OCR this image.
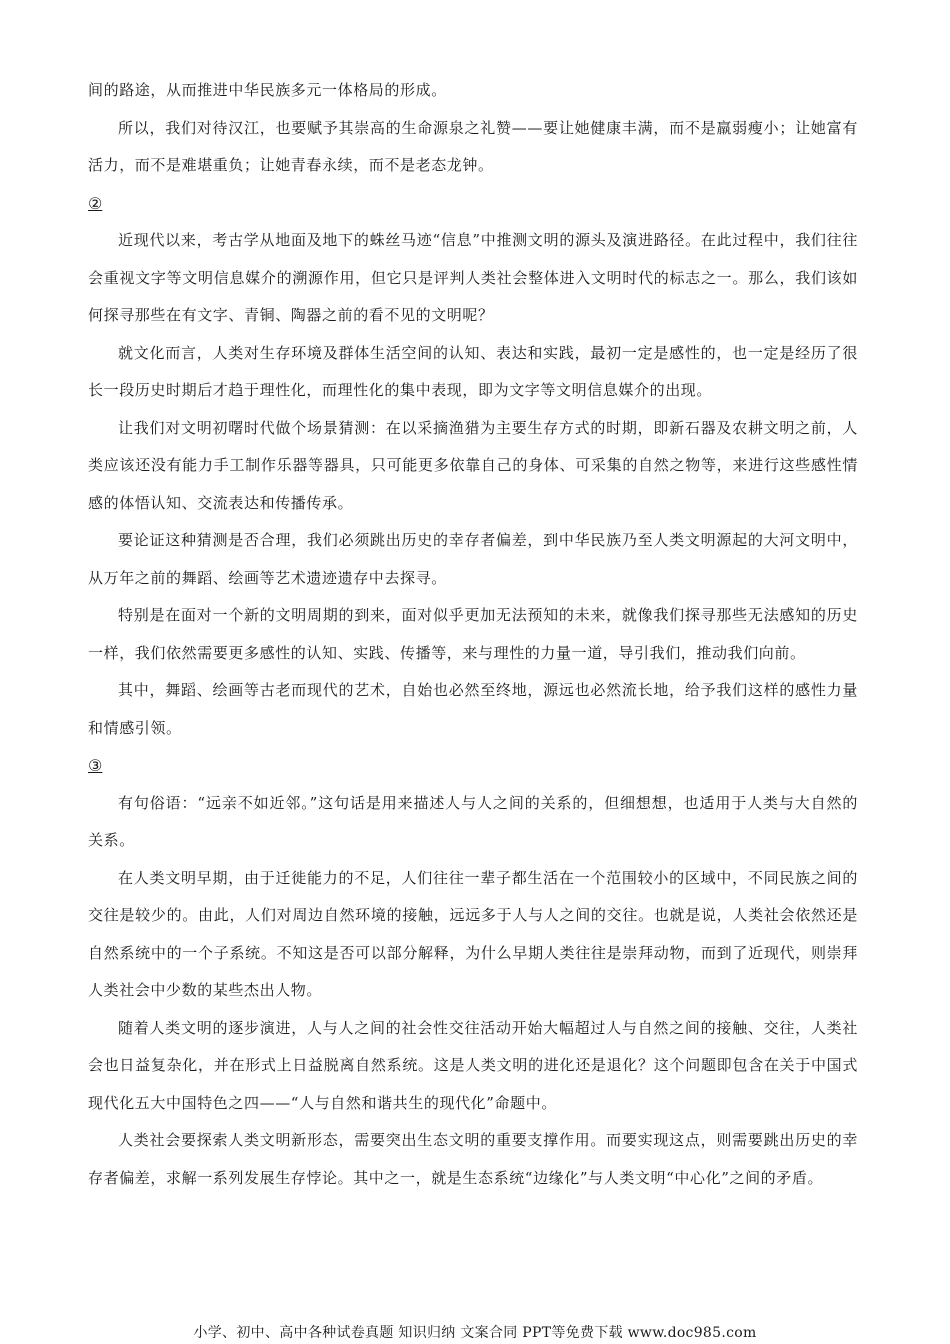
间的路途，从而推进中华民族多元一体格局的形成。

所以，我们对待汉江，也要赋予其崇高的生命源泉之礼赞——要让她健康丰满，而不是羸弱瘦小；让她富有活力，而不是难堪重负；让她青春永续，而不是老态龙钟。

②

近现代以来，考古学从地面及地下的蛛丝马迹“信息”中推测文明的源头及演进路径。在此过程中，我们往往会重视文字等文明信息媒介的溯源作用，但它只是评判人类社会整体进入文明时代的标志之一。那么，我们该如何探寻那些在有文字、青铜、陶器之前的看不见的文明呢？

就文化而言，人类对生存环境及群体生活空间的认知、表达和实践，最初一定是感性的，也一定是经历了很长一段历史时期后才趋于理性化，而理性化的集中表现，即为文字等文明信息媒介的出现。

让我们对文明初曙时代做个场景猜测：在以采摘渔猎为主要生存方式的时期，即新石器及农耕文明之前，人类应该还没有能力手工制作乐器等器具，只可能更多依靠自己的身体、可采集的自然之物等，来进行这些感性情感的体悟认知、交流表达和传播传承。

要论证这种猜测是否合理，我们必须跳出历史的幸存者偏差，到中华民族乃至人类文明源起的大河文明中，从万年之前的舞蹈、绘画等艺术遗迹遗存中去探寻。

特别是在面对一个新的文明周期的到来，面对似乎更加无法预知的未来，就像我们探寻那些无法感知的历史一样，我们依然需要更多感性的认知、实践、传播等，来与理性的力量一道，导引我们，推动我们向前。

其中，舞蹈、绘画等古老而现代的艺术，自始也必然至终地，源远也必然流长地，给予我们这样的感性力量和情感引领。

③

有句俗语：“远亲不如近邻。”这句话是用来描述人与人之间的关系的，但细想想，也适用于人类与大自然的关系。

在人类文明早期，由于迁徙能力的不足，人们往往一辈子都生活在一个范围较小的区域中，不同民族之间的交往是较少的。由此，人们对周边自然环境的接触，远远多于人与人之间的交往。也就是说，人类社会依然还是自然系统中的一个子系统。不知这是否可以部分解释，为什么早期人类往往是崇拜动物，而到了近现代，则崇拜人类社会中少数的某些杰出人物。

随着人类文明的逐步演进，人与人之间的社会性交往活动开始大幅超过人与自然之间的接触、交往，人类社会也日益复杂化，并在形式上日益脱离自然系统。这是人类文明的进化还是退化？这个问题即包含在关于中国式现代化五大中国特色之四——“人与自然和谐共生的现代化”命题中。

人类社会要探索人类文明新形态，需要突出生态文明的重要支撑作用。而要实现这点，则需要跳出历史的幸存者偏差，求解一系列发展生存悖论。其中之一，就是生态系统“边缘化”与人类文明“中心化”之间的矛盾。

小学、初中、高中各种试卷真题 知识归纳 文案合同 PPT等免费下载 www.doc985.com
